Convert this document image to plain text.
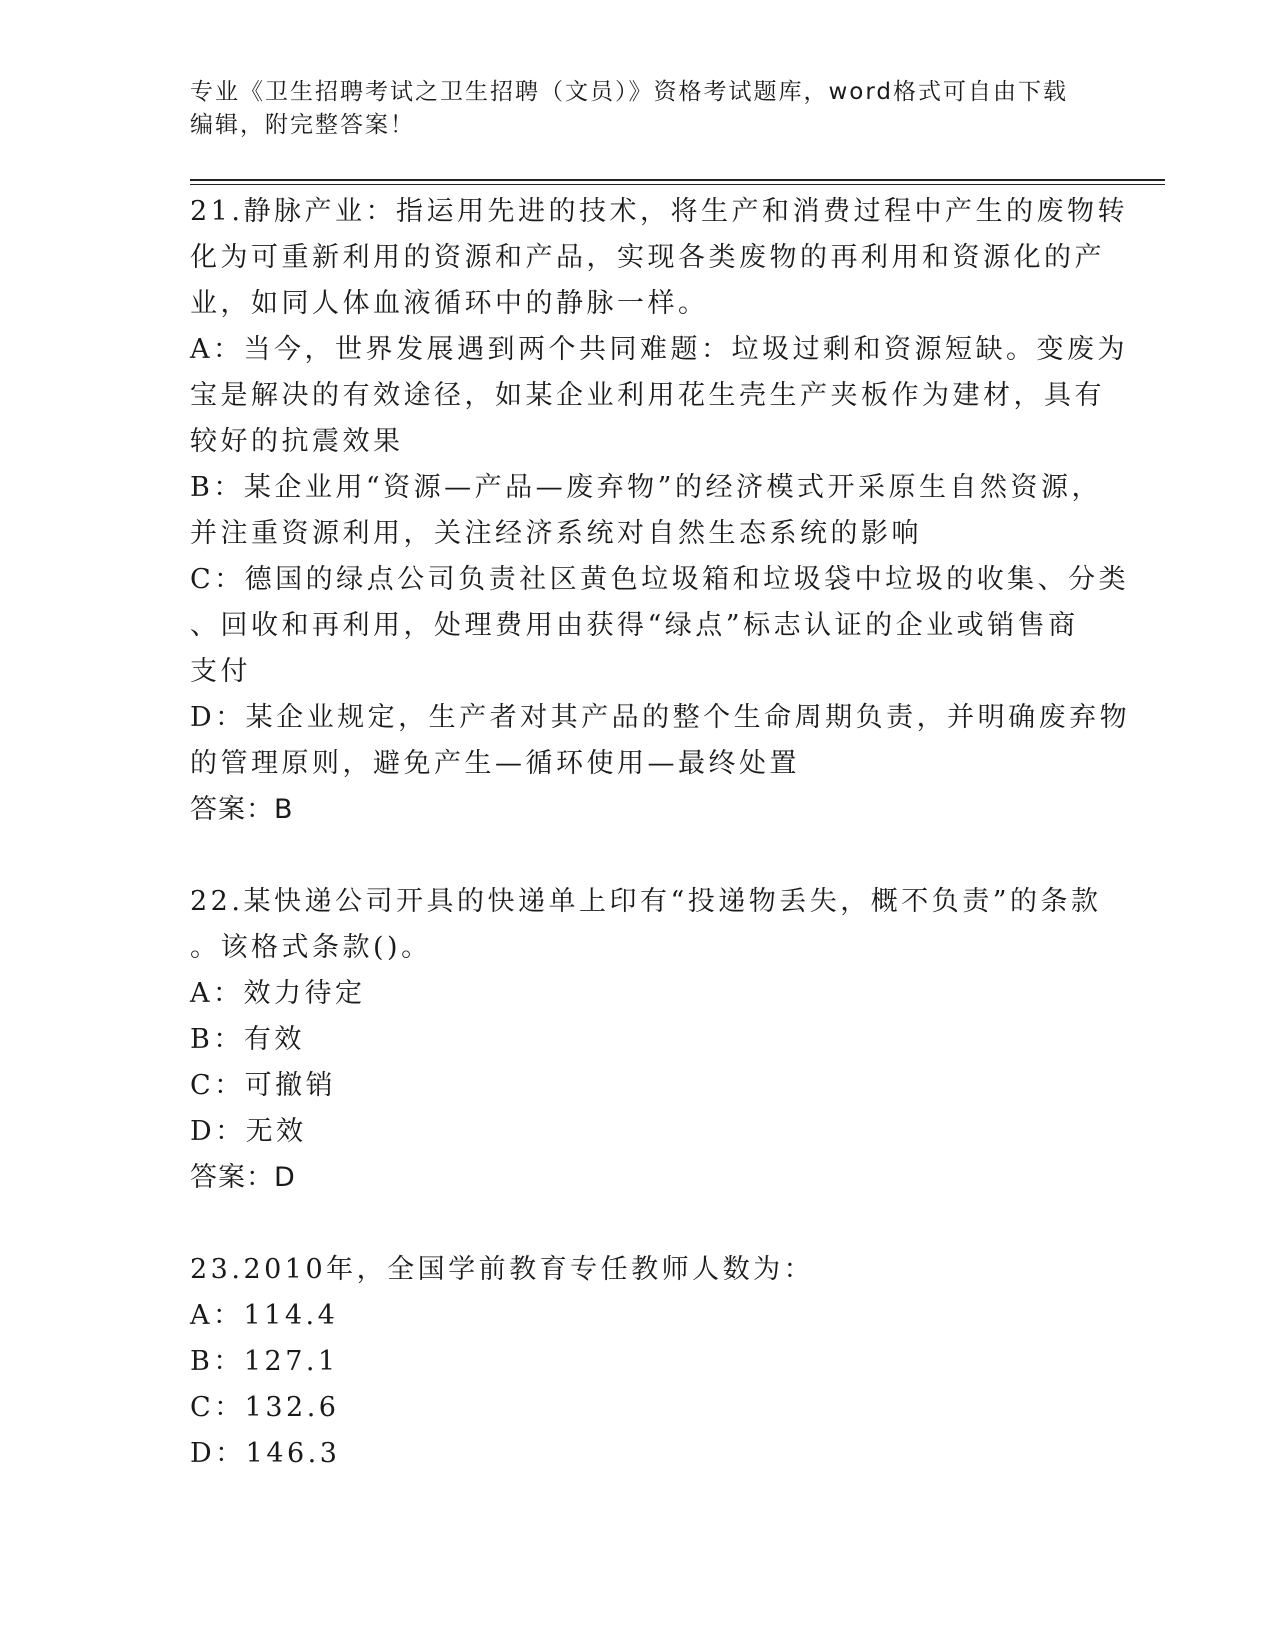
专业《卫生招聘考试之卫生招聘（文员）》资格考试题库，word格式可自由下载
编辑，附完整答案！
21.静脉产业：指运用先进的技术，将生产和消费过程中产生的废物转
化为可重新利用的资源和产品，实现各类废物的再利用和资源化的产
业，如同人体血液循环中的静脉一样。
A：当今，世界发展遇到两个共同难题：垃圾过剩和资源短缺。变废为
宝是解决的有效途径，如某企业利用花生壳生产夹板作为建材，具有
较好的抗震效果
B：某企业用“资源—产品—废弃物”的经济模式开采原生自然资源，
并注重资源利用，关注经济系统对自然生态系统的影响
C：德国的绿点公司负责社区黄色垃圾箱和垃圾袋中垃圾的收集、分类
、回收和再利用，处理费用由获得“绿点”标志认证的企业或销售商
支付
D：某企业规定，生产者对其产品的整个生命周期负责，并明确废弃物
的管理原则，避免产生—循环使用—最终处置
答案：B
22.某快递公司开具的快递单上印有“投递物丢失，概不负责”的条款
。该格式条款()。
A：效力待定
B：有效
C：可撤销
D：无效
答案：D
23.2010年，全国学前教育专任教师人数为：
A：114.4
B：127.1
C：132.6
D：146.3
